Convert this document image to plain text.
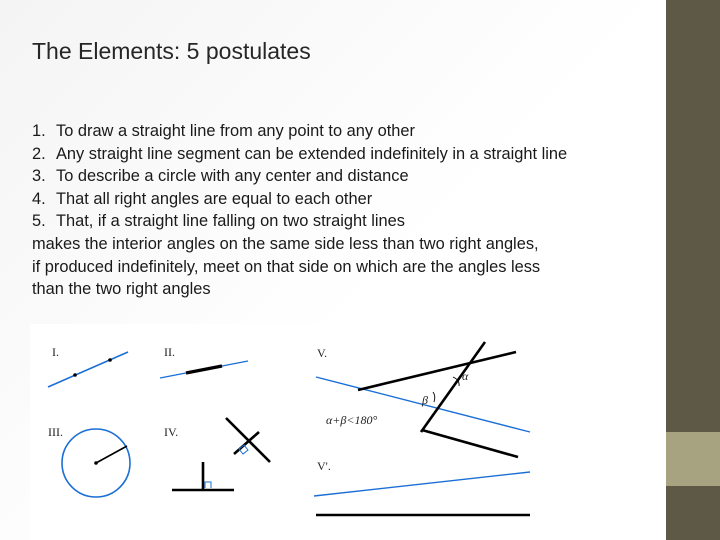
The Elements: 5 postulates
1. To draw a straight line from any point to any other
2. Any straight line segment can be extended indefinitely in a straight line
3. To describe a circle with any center and distance
4. That all right angles are equal to each other
5. That, if a straight line falling on two straight lines
makes the interior angles on the same side less than two right angles,
if produced indefinitely, meet on that side on which are the angles less
than the two right angles
I.	II.
III.	IV.
V.
α
β
α+β<180°
V'.
